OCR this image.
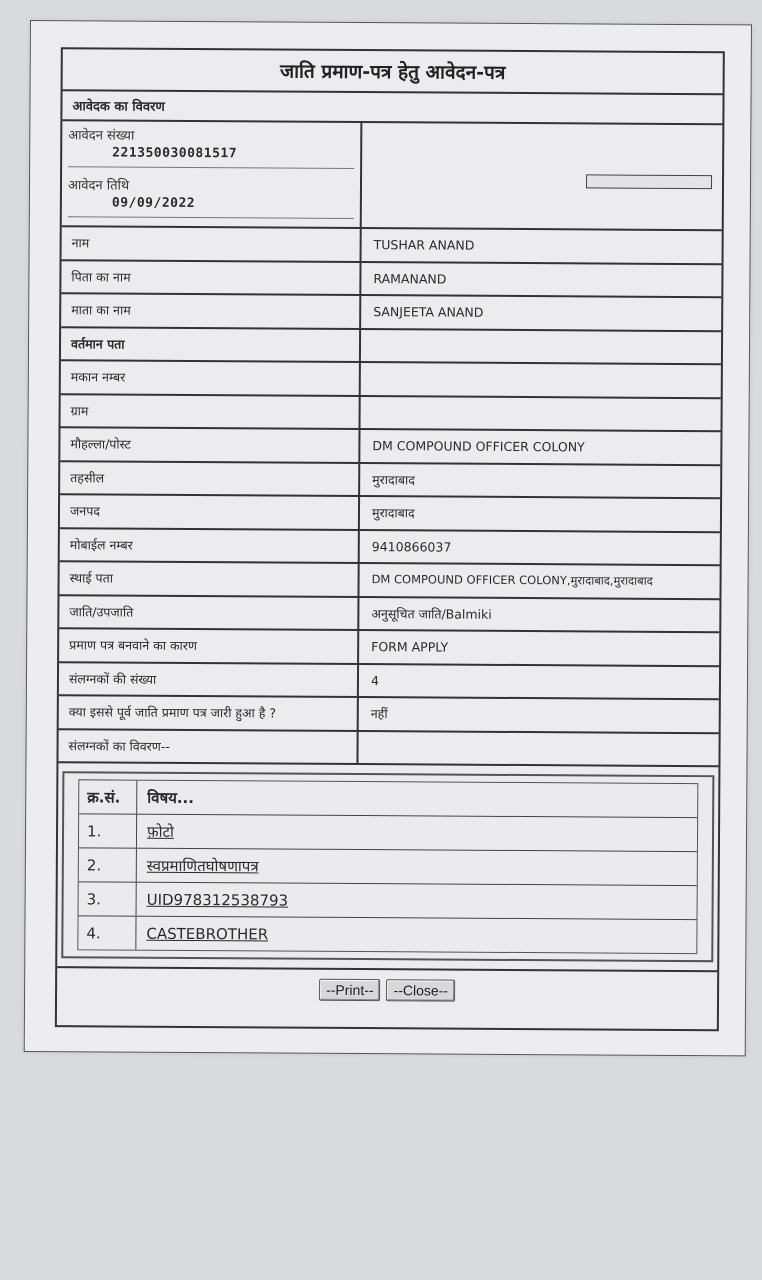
जाति प्रमाण-पत्र हेतु आवेदन-पत्र
आवेदक का विवरण
आवेदन संख्या
221350030081517
आवेदन तिथि
09/09/2022
नाम	TUSHAR ANAND
पिता का नाम	RAMANAND
माता का नाम	SANJEETA ANAND
वर्तमान पता
मकान नम्बर
ग्राम
मौहल्ला/पोस्ट	DM COMPOUND OFFICER COLONY
तहसील	मुरादाबाद
जनपद	मुरादाबाद
मोबाईल नम्बर	9410866037
स्थाई पता	DM COMPOUND OFFICER COLONY,मुरादाबाद,मुरादाबाद
जाति/उपजाति	अनुसूचित जाति/Balmiki
प्रमाण पत्र बनवाने का कारण	FORM APPLY
संलग्नकों की संख्या	4
क्या इससे पूर्व जाति प्रमाण पत्र जारी हुआ है ?	नहीं
संलग्नकों का विवरण--
क्र.सं.	विषय...
1.	फ़ोटो
2.	स्वप्रमाणितघोषणापत्र
3.	UID978312538793
4.	CASTEBROTHER
--Print--	--Close--
